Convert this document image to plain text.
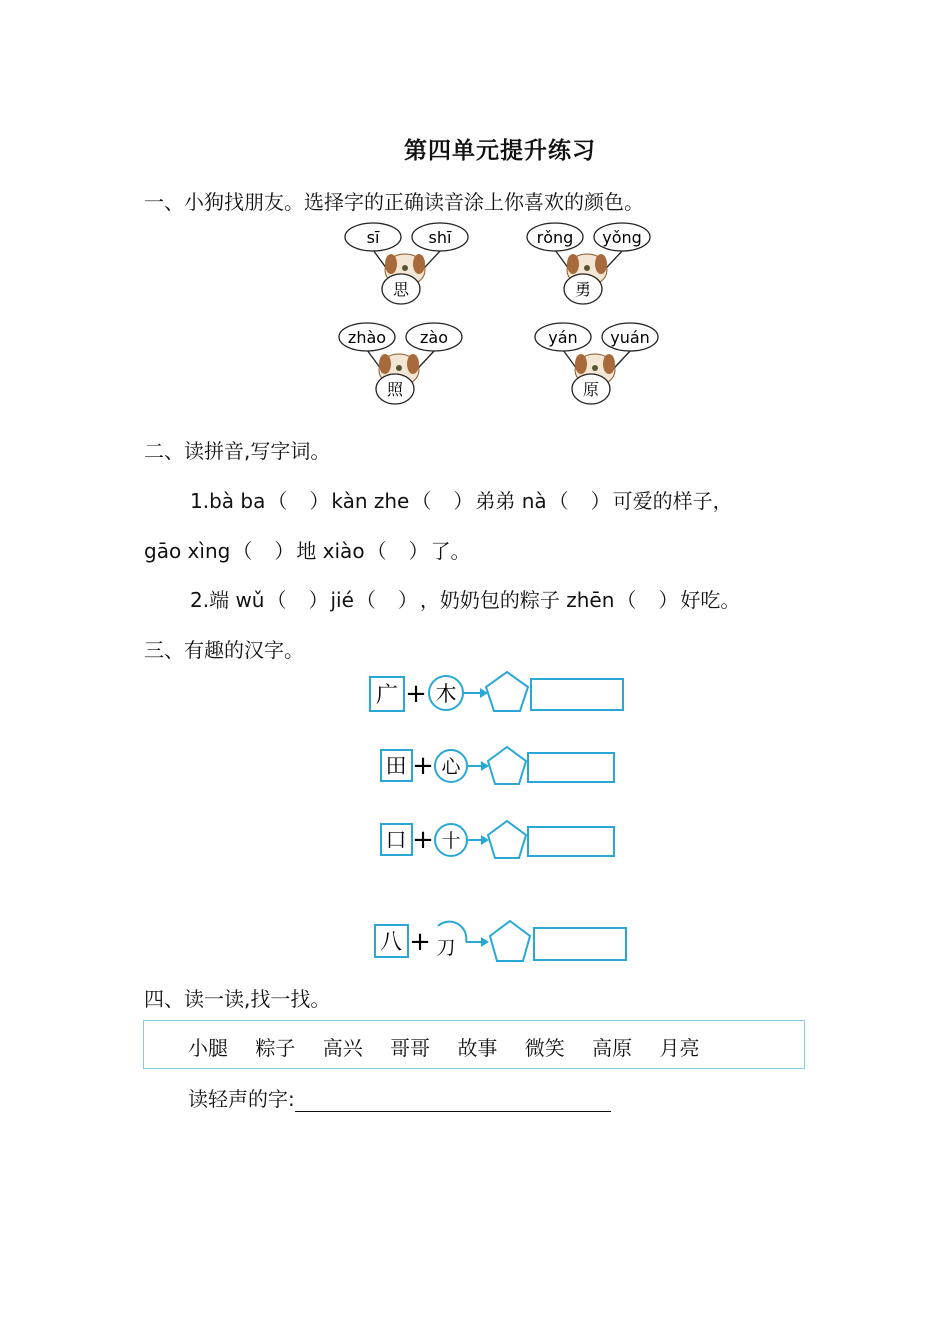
第四单元提升练习
一、小狗找朋友。选择字的正确读音涂上你喜欢的颜色。
sī	shī
思
rǒng yǒng
勇
zhào zào
照
yán yuán
原
二、读拼音,写字词。
1.bà ba （ ） kàn zhe （ ） 弟弟 nà （ ） 可爱的样子，
gāo xìng （ ） 地 xiào （ ） 了。
2.端 wǔ （ ） jié （ ） ，奶奶包的粽子 zhēn （ ） 好吃。
三、有趣的汉字。
广 + 木
田 + 心
口 + 十
八 + 刀
四、读一读,找一找。
小腿 粽子 高兴 哥哥 故事 微笑 高原 月亮
读轻声的字:
